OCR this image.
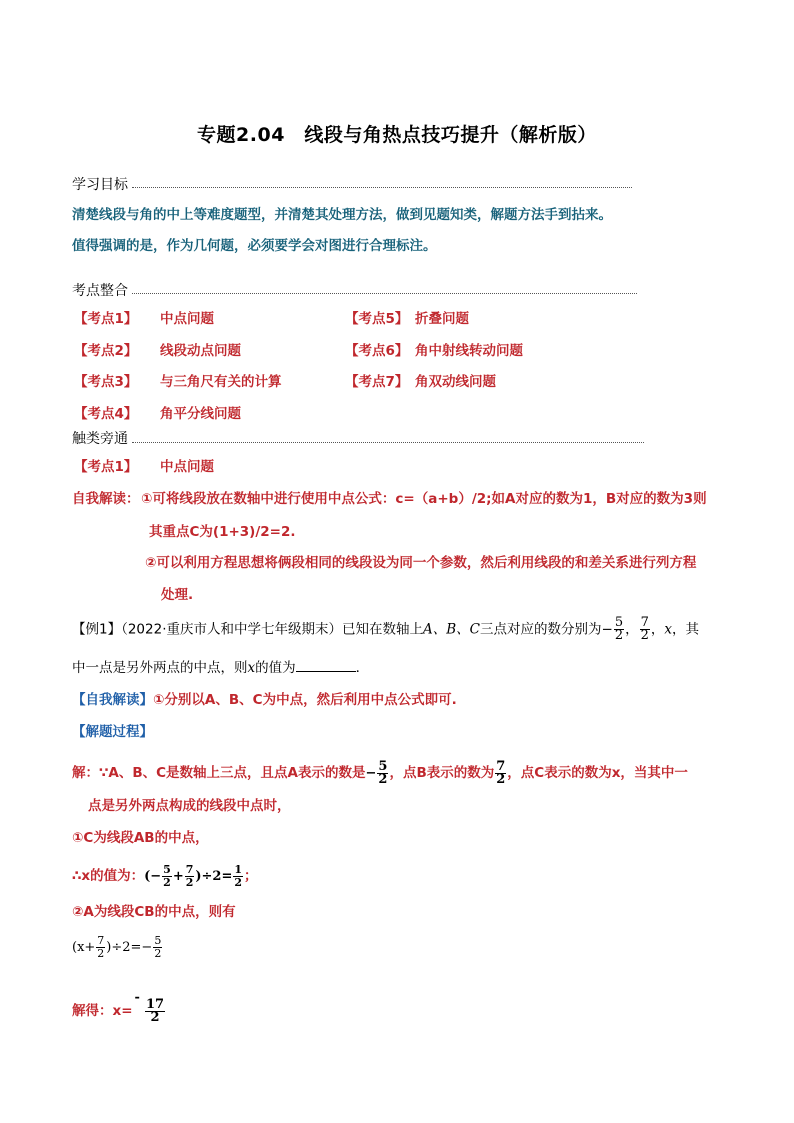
专题2.04　线段与角热点技巧提升（解析版）
学习目标
清楚线段与角的中上等难度题型，并清楚其处理方法，做到见题知类，解题方法手到拈来。
值得强调的是，作为几何题，必须要学会对图进行合理标注。
考点整合
【考点1】 中点问题
【考点2】 线段动点问题
【考点3】 与三角尺有关的计算
【考点4】 角平分线问题
【考点5】 折叠问题
【考点6】 角中射线转动问题
【考点7】 角双动线问题
触类旁通
【考点1】 中点问题
自我解读： ①可将线段放在数轴中进行使用中点公式：c=（a+b）/2;如A对应的数为1，B对应的数为3则
其重点C为(1+3)/2=2.
②可以利用方程思想将俩段相同的线段设为同一个参数，然后利用线段的和差关系进行列方程
处理.
【例1】（2022·重庆市人和中学七年级期末）已知在数轴上A、B、C三点对应的数分别为− $\frac{5}{2}$ ， $\frac{7}{2}$ ，x，其
中一点是另外两点的中点，则x的值为	．
【自我解读】①分别以A、B、C为中点，然后利用中点公式即可.
【解题过程】
解：∵A、B、C是数轴上三点，且点A表示的数是− $\frac{5}{2}$ ，点B表示的数为 $\frac{7}{2}$ ，点C表示的数为x，当其中一
点是另外两点构成的线段中点时，
①C为线段AB的中点，
∴x的值为：(− $\frac{5}{2} + \frac{7}{2} )\div 2= \frac{1}{2}$ ；
②A为线段CB的中点，则有
$(x+ \frac{7}{2} )\div 2=- \frac{5}{2}$
解得：x=-
$\frac{17}{2}$
